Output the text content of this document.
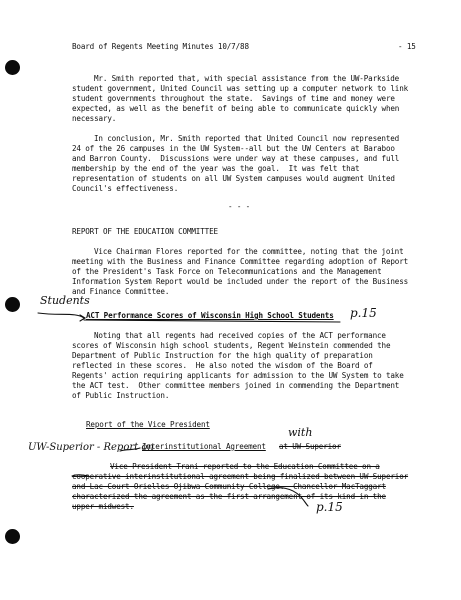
Board of Regents Meeting Minutes 10/7/88	- 15
Mr. Smith reported that, with special assistance from the UW-Parkside
student government, United Council was setting up a computer network to link
student governments throughout the state.  Savings of time and money were
expected, as well as the benefit of being able to communicate quickly when
necessary.
In conclusion, Mr. Smith reported that United Council now represented
24 of the 26 campuses in the UW System--all but the UW Centers at Baraboo
and Barron County.  Discussions were under way at these campuses, and full
membership by the end of the year was the goal.  It was felt that
representation of students on all UW System campuses would augment United
Council's effectiveness.
- - -
REPORT OF THE EDUCATION COMMITTEE
Vice Chairman Flores reported for the committee, noting that the joint
meeting with the Business and Finance Committee regarding adoption of Report
of the President's Task Force on Telecommunications and the Management
Information System Report would be included under the report of the Business
and Finance Committee.
ACT Performance Scores of Wisconsin High School Students
Noting that all regents had received copies of the ACT performance
scores of Wisconsin high school students, Regent Weinstein commended the
Department of Public Instruction for the high quality of preparation
reflected in these scores.  He also noted the wisdom of the Board of
Regents' action requiring applicants for admission to the UW System to take
the ACT test.  Other committee members joined in commending the Department
of Public Instruction.
Report of the Vice President
Interinstitutional Agreement at UW-Superior
Vice President Trani reported to the Education Committee on a
cooperative interinstitutional agreement being finalized between UW-Superior
and Lac Court Orielles Ojibwa Community College.  Chancellor MacTaggart
characterized the agreement as the first arrangement of its kind in the
upper midwest.
Students
p.15
UW-Superior - Report on
with
p.15
